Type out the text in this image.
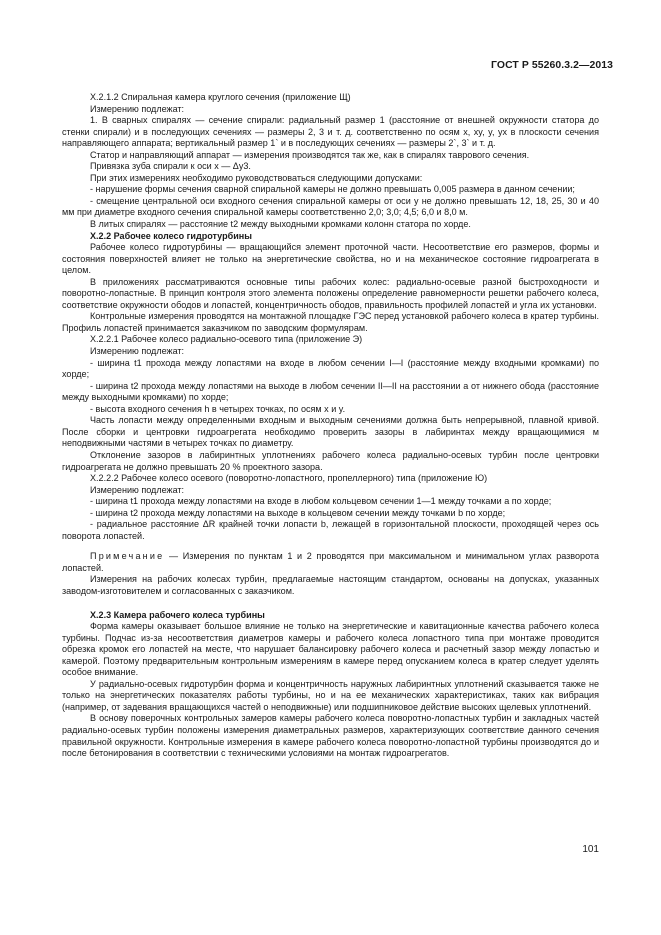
ГОСТ Р 55260.3.2—2013

Х.2.1.2 Спиральная камера круглого сечения (приложение Щ)

Измерению подлежат:

1. В сварных спиралях — сечение спирали: радиальный размер 1 (расстояние от внешней окружности статора до стенки спирали) и в последующих сечениях — размеры 2, 3 и т. д. соответственно по осям x, xy, y, yx в плоскости сечения направляющего аппарата; вертикальный размер 1` и в последующих сечениях — размеры 2`, 3` и т. д.

Статор и направляющий аппарат — измерения производятся так же, как в спиралях таврового сечения.

Привязка зуба спирали к оси x — Δy3.

При этих измерениях необходимо руководствоваться следующими допусками:

- нарушение формы сечения сварной спиральной камеры не должно превышать 0,005 размера в данном сечении;

- смещение центральной оси входного сечения спиральной камеры от оси y не должно превышать 12, 18, 25, 30 и 40 мм при диаметре входного сечения спиральной камеры соответственно 2,0; 3,0; 4,5; 6,0 и 8,0 м.

В литых спиралях — расстояние t2 между выходными кромками колонн статора по хорде.

Х.2.2 Рабочее колесо гидротурбины

Рабочее колесо гидротурбины — вращающийся элемент проточной части. Несоответствие его размеров, формы и состояния поверхностей влияет не только на энергетические свойства, но и на механическое состояние гидроагрегата в целом.

В приложениях рассматриваются основные типы рабочих колес: радиально-осевые разной быстроходности и поворотно-лопастные. В принцип контроля этого элемента положены определение равномерности решетки рабочего колеса, соответствие окружности ободов и лопастей, концентричность ободов, правильность профилей лопастей и угла их установки.

Контрольные измерения проводятся на монтажной площадке ГЭС перед установкой рабочего колеса в кратер турбины. Профиль лопастей принимается заказчиком по заводским формулярам.

Х.2.2.1 Рабочее колесо радиально-осевого типа (приложение Э)

Измерению подлежат:

- ширина t1 прохода между лопастями на входе в любом сечении I—I (расстояние между входными кромками) по хорде;

- ширина t2 прохода между лопастями на выходе в любом сечении II—II на расстоянии а от нижнего обода (расстояние между выходными кромками) по хорде;

- высота входного сечения h в четырех точках, по осям x и y.

Часть лопасти между определенными входным и выходным сечениями должна быть непрерывной, плавной кривой. После сборки и центровки гидроагрегата необходимо проверить зазоры в лабиринтах между вращающимися м неподвижными частями в четырех точках по диаметру.

Отклонение зазоров в лабиринтных уплотнениях рабочего колеса радиально-осевых турбин после центровки гидроагрегата не должно превышать 20 % проектного зазора.

Х.2.2.2 Рабочее колесо осевого (поворотно-лопастного, пропеллерного) типа (приложение Ю)

Измерению подлежат:

- ширина t1 прохода между лопастями на входе в любом кольцевом сечении 1—1 между точками а по хорде;

- ширина t2 прохода между лопастями на выходе в кольцевом сечении между точками b по хорде;

- радиальное расстояние ΔR крайней точки лопасти b, лежащей в горизонтальной плоскости, проходящей через ось поворота лопастей.

Примечание — Измерения по пунктам 1 и 2 проводятся при максимальном и минимальном углах разворота лопастей.

Измерения на рабочих колесах турбин, предлагаемые настоящим стандартом, основаны на допусках, указанных заводом-изготовителем и согласованных с заказчиком.

Х.2.3 Камера рабочего колеса турбины

Форма камеры оказывает большое влияние не только на энергетические и кавитационные качества рабочего колеса турбины. Подчас из-за несоответствия диаметров камеры и рабочего колеса лопастного типа при монтаже проводится обрезка кромок его лопастей на месте, что нарушает балансировку рабочего колеса и расчетный зазор между лопастью и камерой. Поэтому предварительным контрольным измерениям в камере перед опусканием колеса в кратер следует уделять особое внимание.

У радиально-осевых гидротурбин форма и концентричность наружных лабиринтных уплотнений сказывается также не только на энергетических показателях работы турбины, но и на ее механических характеристиках, таких как вибрация (например, от задевания вращающихся частей о неподвижные) или подшипниковое действие высоких щелевых уплотнений.

В основу поверочных контрольных замеров камеры рабочего колеса поворотно-лопастных турбин и закладных частей радиально-осевых турбин положены измерения диаметральных размеров, характеризующих соответствие данного сечения правильной окружности. Контрольные измерения в камере рабочего колеса поворотно-лопастной турбины производятся до и после бетонирования в соответствии с техническими условиями на монтаж гидроагрегатов.

101
